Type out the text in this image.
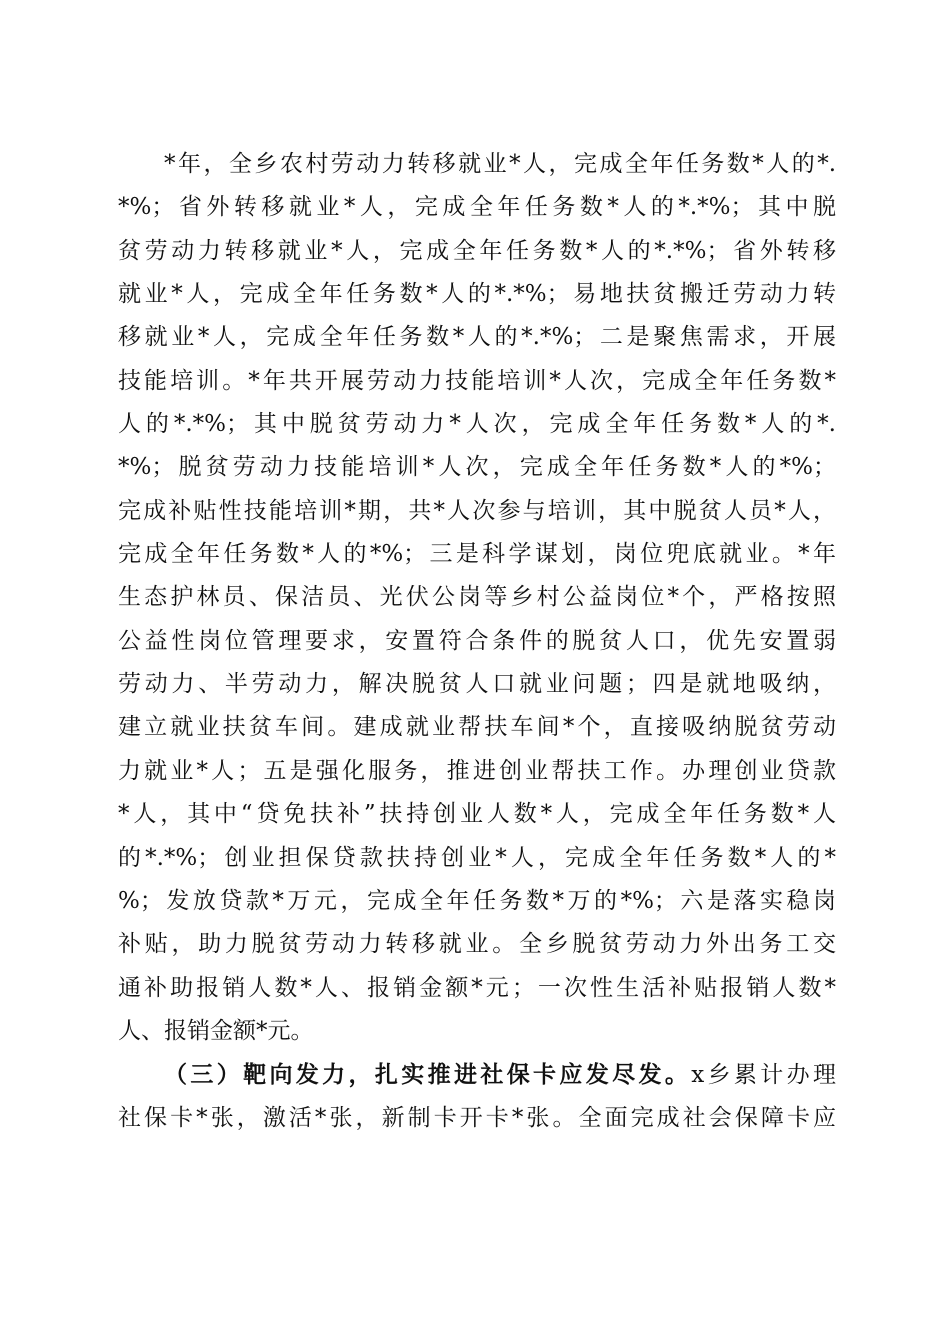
*年，全乡农村劳动力转移就业*人，完成全年任务数*人的*.
*%；省外转移就业*人，完成全年任务数*人的*.*%；其中脱
贫劳动力转移就业*人，完成全年任务数*人的*.*%；省外转移
就业*人，完成全年任务数*人的*.*%；易地扶贫搬迁劳动力转
移就业*人，完成全年任务数*人的*.*%；二是聚焦需求，开展
技能培训。*年共开展劳动力技能培训*人次，完成全年任务数*
人的*.*%；其中脱贫劳动力*人次，完成全年任务数*人的*.
*%；脱贫劳动力技能培训*人次，完成全年任务数*人的*%；
完成补贴性技能培训*期，共*人次参与培训，其中脱贫人员*人，
完成全年任务数*人的*%；三是科学谋划，岗位兜底就业。*年
生态护林员、保洁员、光伏公岗等乡村公益岗位*个，严格按照
公益性岗位管理要求，安置符合条件的脱贫人口，优先安置弱
劳动力、半劳动力，解决脱贫人口就业问题；四是就地吸纳，
建立就业扶贫车间。建成就业帮扶车间*个，直接吸纳脱贫劳动
力就业*人；五是强化服务，推进创业帮扶工作。办理创业贷款
*人，其中“贷免扶补”扶持创业人数*人，完成全年任务数*人
的*.*%；创业担保贷款扶持创业*人，完成全年任务数*人的*
%；发放贷款*万元，完成全年任务数*万的*%；六是落实稳岗
补贴，助力脱贫劳动力转移就业。全乡脱贫劳动力外出务工交
通补助报销人数*人、报销金额*元；一次性生活补贴报销人数*
人、报销金额*元。
（三）靶向发力，扎实推进社保卡应发尽发。x乡累计办理
社保卡*张，激活*张，新制卡开卡*张。全面完成社会保障卡应
